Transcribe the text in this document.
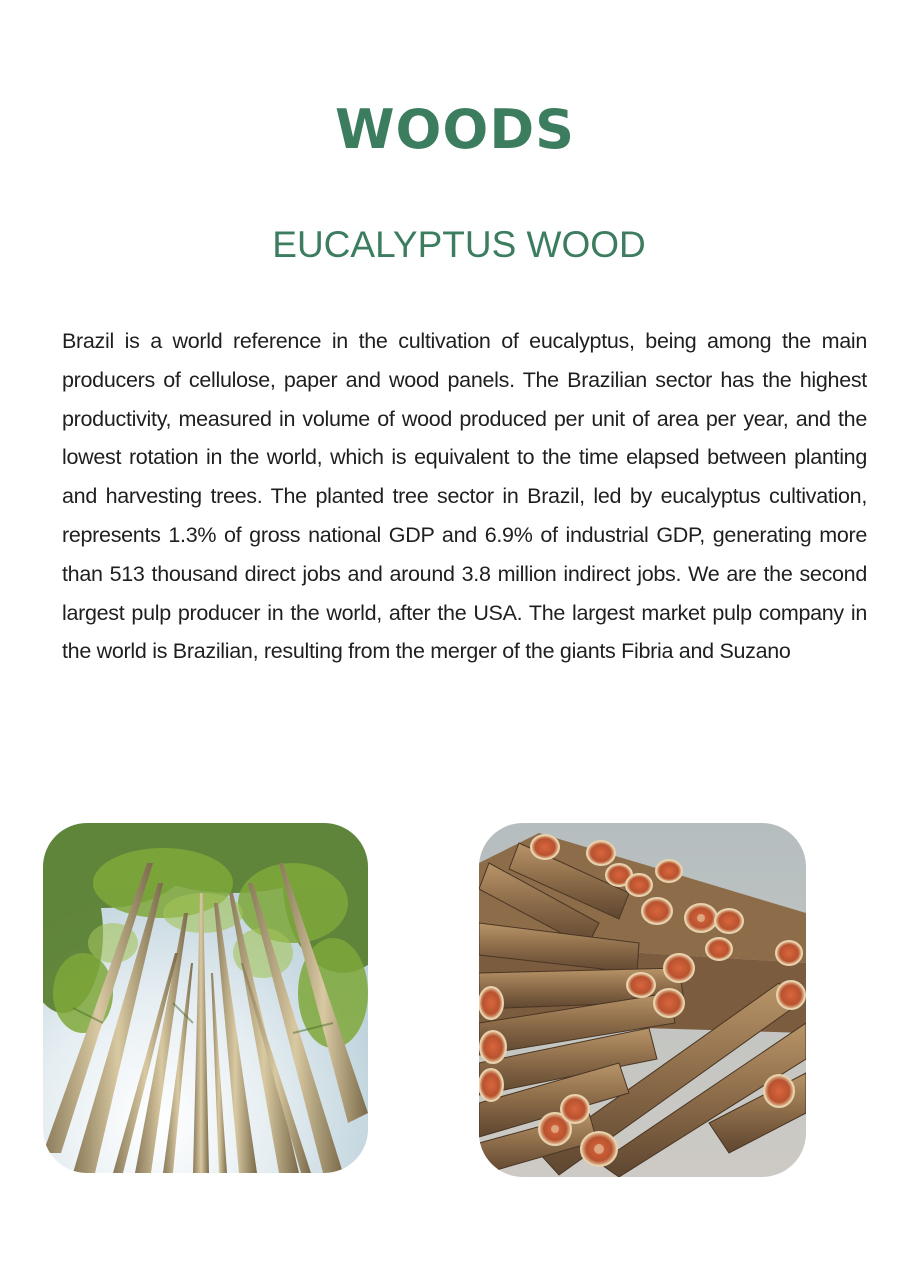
WOODS
EUCALYPTUS WOOD

Brazil is a world reference in the cultivation of eucalyptus, being among the main producers of cellulose, paper and wood panels. The Brazilian sector has the highest productivity, measured in volume of wood produced per unit of area per year, and the lowest rotation in the world, which is equivalent to the time elapsed between planting and harvesting trees. The planted tree sector in Brazil, led by eucalyptus cultivation, represents 1.3% of gross national GDP and 6.9% of industrial GDP, generating more than 513 thousand direct jobs and around 3.8 million indirect jobs. We are the second largest pulp producer in the world, after the USA. The largest market pulp company in the world is Brazilian, resulting from the merger of the giants Fibria and Suzano
